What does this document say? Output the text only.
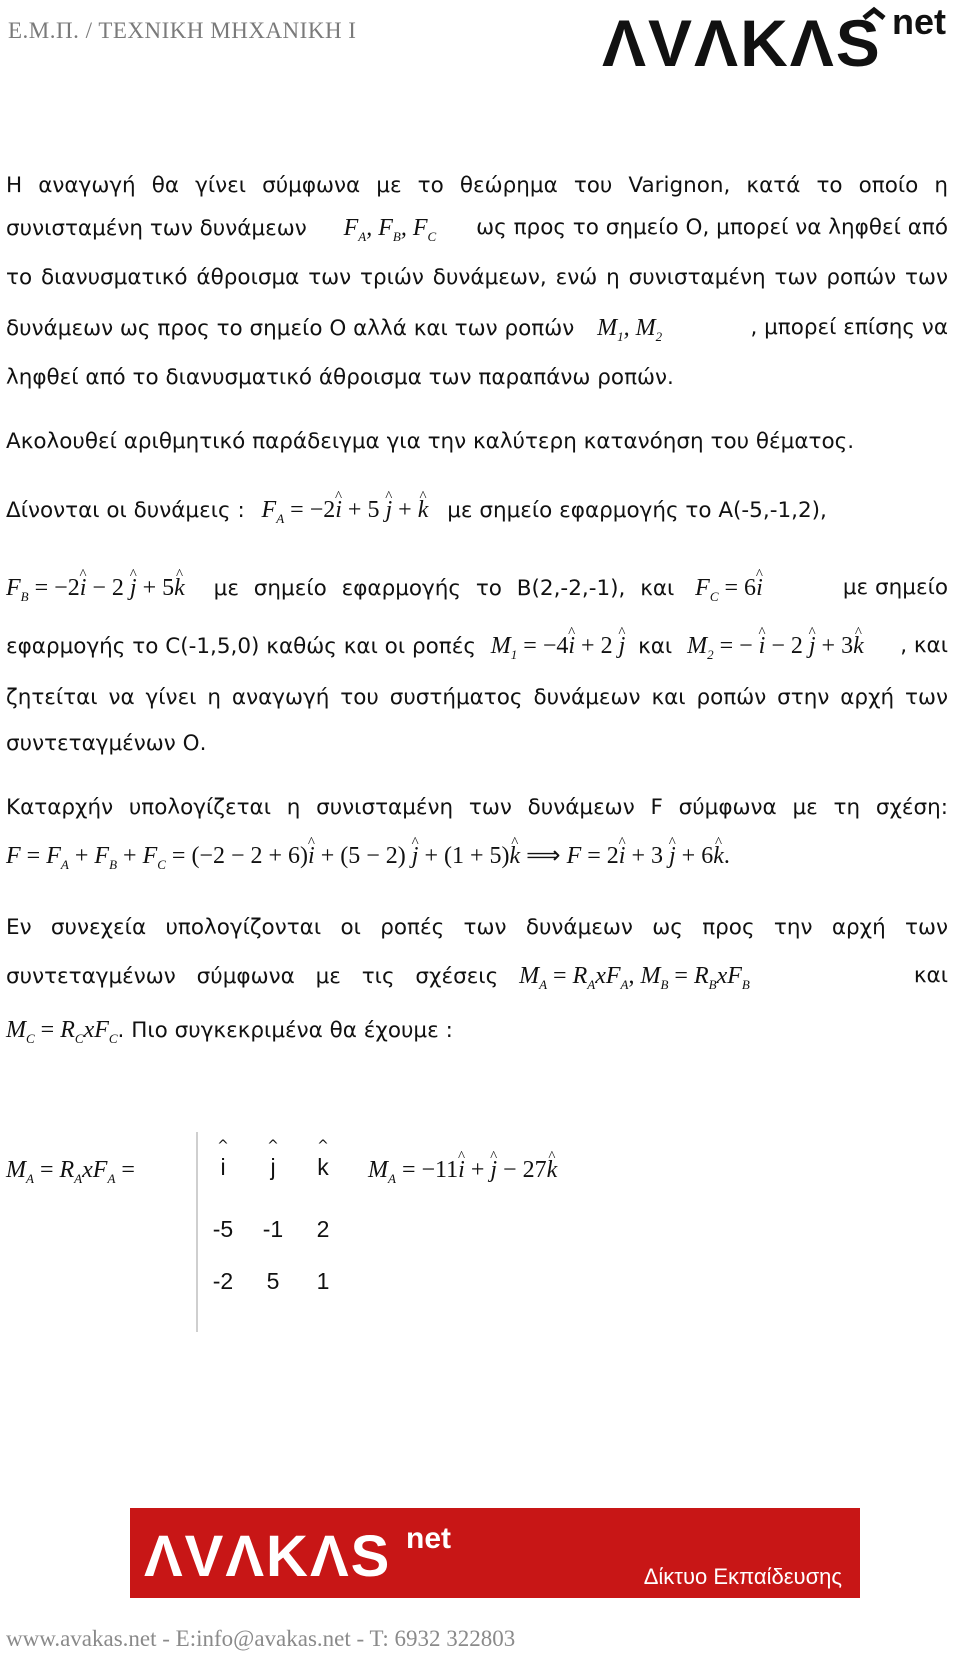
Ε.Μ.Π. / ΤΕΧΝΙΚΗ ΜΗΧΑΝΙΚΗ Ι	ΛVΛKΛS net
Η αναγωγή θα γίνει σύμφωνα με το θεώρημα του Varignon, κατά το οποίο η
συνισταμένη των δυνάμεων $F_A$, $F_B$, $F_C$ ως προς το σημείο Ο, μπορεί να ληφθεί από
το διανυσματικό άθροισμα των τριών δυνάμεων, ενώ η συνισταμένη των ροπών των
δυνάμεων ως προς το σημείο Ο αλλά και των ροπών $M_1$, $M_2$	, μπορεί επίσης να
ληφθεί από το διανυσματικό άθροισμα των παραπάνω ροπών.
Ακολουθεί αριθμητικό παράδειγμα για την καλύτερη κατανόηση του θέματος.
Δίνονται οι δυνάμεις : $F_A$ = −2^ i + 5 ^ j + ^ k με σημείο εφαρμογής το Α(-5,-1,2),
$F_B$ = −2^ i − 2 ^ j + 5^ k με σημείο εφαρμογής το Β(2,-2,-1), και $F_C$ = 6^ i	με σημείο
εφαρμογής το C(-1,5,0) καθώς και οι ροπές $M_1$ = −4^ i + 2 ^ j και $M_2$ = − ^ i − 2 ^ j + 3^ k , και
ζητείται να γίνει η αναγωγή του συστήματος δυνάμεων και ροπών στην αρχή των
συντεταγμένων Ο.
Καταρχήν υπολογίζεται η συνισταμένη των δυνάμεων F σύμφωνα με τη σχέση:
$F = F_A + F_B + F_C = (-2 - 2$ + 6)^ i + (5 − 2) ^ j + (1 + 5)^ k ⟹ F = 2^ i + 3 ^ j + 6^ k.
Εν συνεχεία υπολογίζονται οι ροπές των δυνάμεων ως προς την αρχή των
συντεταγμένων σύμφωνα με τις σχέσεις $M_A = R_AxF_A$, $M_B = R_BxF_B$	και
$M_C = R_CxF_C$. Πιο συγκεκριμένα θα έχουμε :
$M_A = R_AxF_A$ =
^	^	^
i	j	k
-5	-1	2
-2	5	1
$M_A$ = −11^ i + ^ j − 27^ k
ΛVΛKΛS net
Δίκτυο Εκπαίδευσης
www.avakas.net - E:info@avakas.net - T: 6932 322803
